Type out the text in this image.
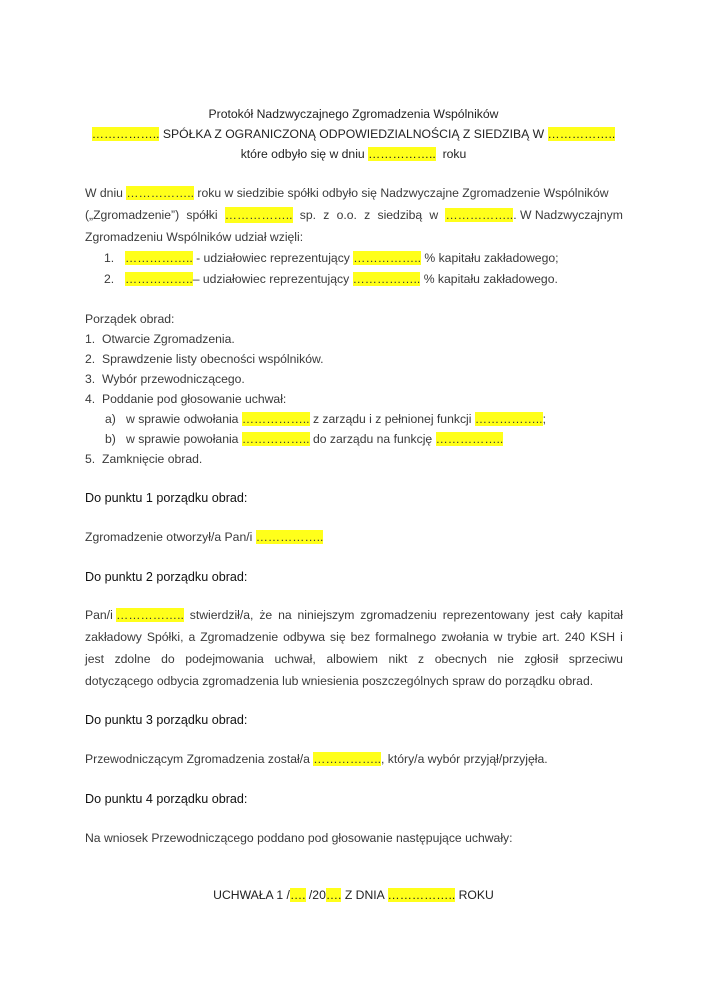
Protokół Nadzwyczajnego Zgromadzenia Wspólników
…………….. SPÓŁKA Z OGRANICZONĄ ODPOWIEDZIALNOŚCIĄ Z SIEDZIBĄ W ……………..
które odbyło się w dniu ……………..  roku
W dniu …………….. roku w siedzibie spółki odbyło się Nadzwyczajne Zgromadzenie Wspólników
(„Zgromadzenie”) spółki …………….. sp. z o.o. z siedzibą w ……………... W Nadzwyczajnym
Zgromadzeniu Wspólników udział wzięli:
1. …………….. - udziałowiec reprezentujący …………….. % kapitału zakładowego;
2. ……………..– udziałowiec reprezentujący …………….. % kapitału zakładowego.
Porządek obrad:
1. Otwarcie Zgromadzenia.
2. Sprawdzenie listy obecności wspólników.
3. Wybór przewodniczącego.
4. Poddanie pod głosowanie uchwał:
a) w sprawie odwołania …………….. z zarządu i z pełnionej funkcji ……………..;
b) w sprawie powołania …………….. do zarządu na funkcję ……………..
5. Zamknięcie obrad.
Do punktu 1 porządku obrad:
Zgromadzenie otworzył/a Pan/i ……………..
Do punktu 2 porządku obrad:
Pan/i …………….. stwierdził/a, że na niniejszym zgromadzeniu reprezentowany jest cały kapitał
zakładowy Spółki, a Zgromadzenie odbywa się bez formalnego zwołania w trybie art. 240 KSH i
jest zdolne do podejmowania uchwał, albowiem nikt z obecnych nie zgłosił sprzeciwu
dotyczącego odbycia zgromadzenia lub wniesienia poszczególnych spraw do porządku obrad.
Do punktu 3 porządku obrad:
Przewodniczącym Zgromadzenia został/a …………….., który/a wybór przyjął/przyjęła.
Do punktu 4 porządku obrad:
Na wniosek Przewodniczącego poddano pod głosowanie następujące uchwały:
UCHWAŁA 1 /…. /20…. Z DNIA …………….. ROKU
